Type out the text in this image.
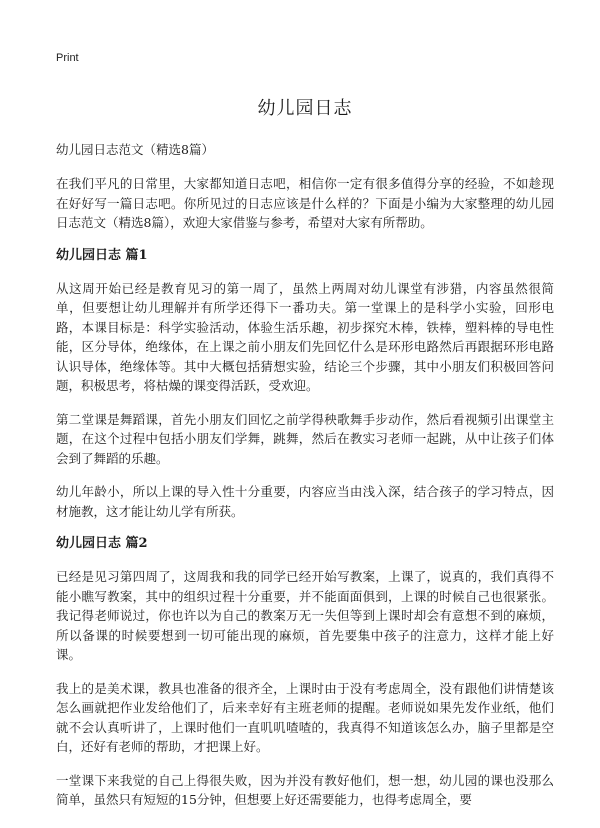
Print
幼儿园日志
幼儿园日志范文（精选8篇）

在我们平凡的日常里，大家都知道日志吧，相信你一定有很多值得分享的经验，不如趁现在好好写一篇日志吧。你所见过的日志应该是什么样的？下面是小编为大家整理的幼儿园日志范文（精选8篇），欢迎大家借鉴与参考，希望对大家有所帮助。

幼儿园日志 篇1

从这周开始已经是教育见习的第一周了，虽然上两周对幼儿课堂有涉猎，内容虽然很简单，但要想让幼儿理解并有所学还得下一番功夫。第一堂课上的是科学小实验，回形电路，本课目标是：科学实验活动，体验生活乐趣，初步探究木棒，铁棒，塑料棒的导电性能，区分导体，绝缘体，在上课之前小朋友们先回忆什么是环形电路然后再跟据环形电路认识导体，绝缘体等。其中大概包括猜想实验，结论三个步骤，其中小朋友们积极回答问题，积极思考，将枯燥的课变得活跃，受欢迎。

第二堂课是舞蹈课，首先小朋友们回忆之前学得秧歌舞手步动作，然后看视频引出课堂主题，在这个过程中包括小朋友们学舞，跳舞，然后在教实习老师一起跳，从中让孩子们体会到了舞蹈的乐趣。

幼儿年龄小，所以上课的导入性十分重要，内容应当由浅入深，结合孩子的学习特点，因材施教，这才能让幼儿学有所获。

幼儿园日志 篇2

已经是见习第四周了，这周我和我的同学已经开始写教案，上课了，说真的，我们真得不能小瞧写教案，其中的组织过程十分重要，并不能面面俱到，上课的时候自己也很紧张。我记得老师说过，你也许以为自己的教案万无一失但等到上课时却会有意想不到的麻烦，所以备课的时候要想到一切可能出现的麻烦，首先要集中孩子的注意力，这样才能上好课。

我上的是美术课，教具也准备的很齐全，上课时由于没有考虑周全，没有跟他们讲情楚该怎么画就把作业发给他们了，后来幸好有主班老师的提醒。老师说如果先发作业纸，他们就不会认真听讲了，上课时他们一直叽叽喳喳的，我真得不知道该怎么办，脑子里都是空白，还好有老师的帮助，才把课上好。

一堂课下来我觉的自己上得很失败，因为并没有教好他们，想一想，幼儿园的课也没那么简单，虽然只有短短的15分钟，但想要上好还需要能力，也得考虑周全，要
